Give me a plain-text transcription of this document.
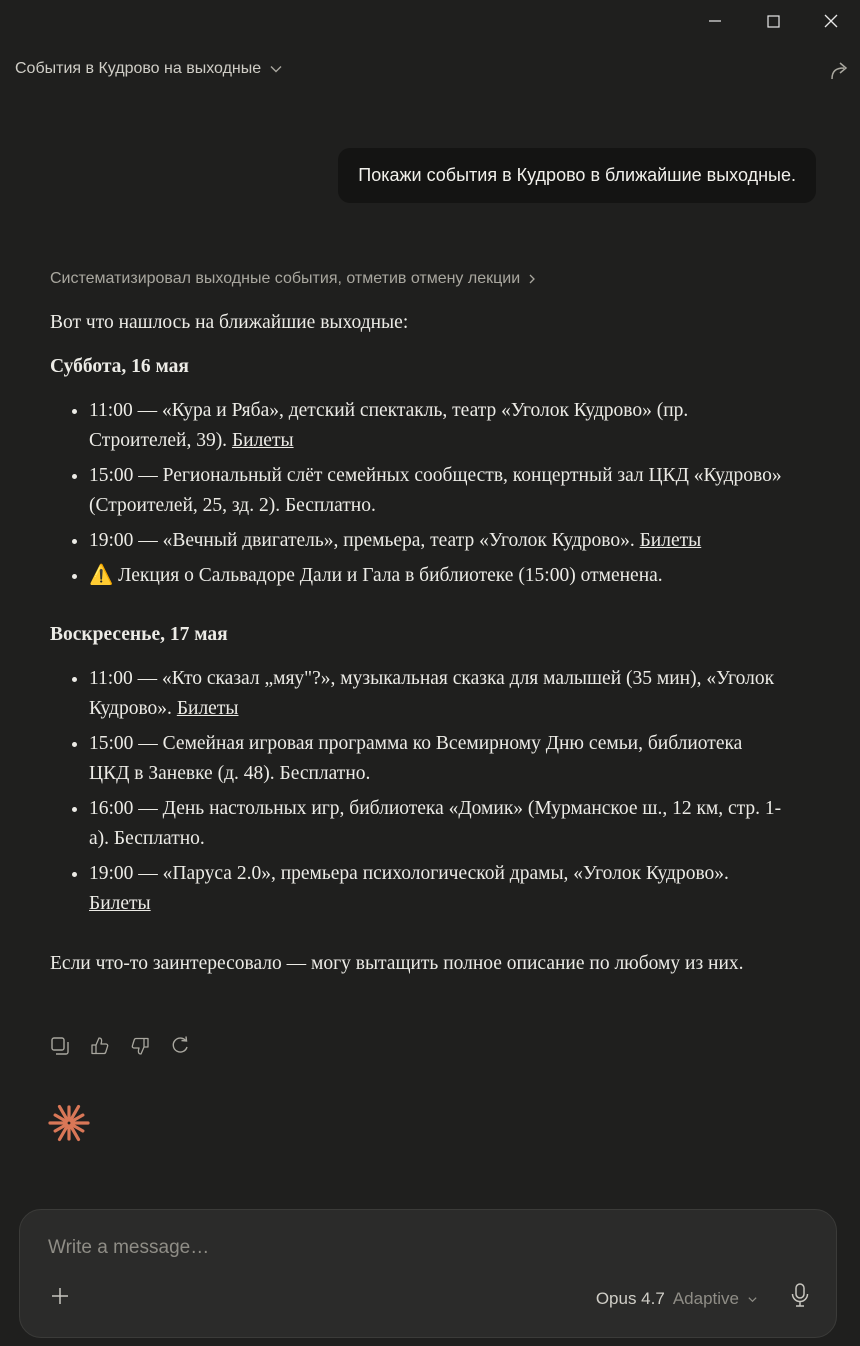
События в Кудрово на выходные
Покажи события в Кудрово в ближайшие выходные.
Систематизировал выходные события, отметив отмену лекции

Вот что нашлось на ближайшие выходные:

Суббота, 16 мая

• 11:00 — «Кура и Ряба», детский спектакль, театр «Уголок Кудрово» (пр. Строителей, 39). Билеты
• 15:00 — Региональный слёт семейных сообществ, концертный зал ЦКД «Кудрово» (Строителей, 25, зд. 2). Бесплатно.
• 19:00 — «Вечный двигатель», премьера, театр «Уголок Кудрово». Билеты
• ⚠️ Лекция о Сальвадоре Дали и Гала в библиотеке (15:00) отменена.

Воскресенье, 17 мая

• 11:00 — «Кто сказал „мяу"?», музыкальная сказка для малышей (35 мин), «Уголок Кудрово». Билеты
• 15:00 — Семейная игровая программа ко Всемирному Дню семьи, библиотека ЦКД в Заневке (д. 48). Бесплатно.
• 16:00 — День настольных игр, библиотека «Домик» (Мурманское ш., 12 км, стр. 1-а). Бесплатно.
• 19:00 — «Паруса 2.0», премьера психологической драмы, «Уголок Кудрово». Билеты

Если что-то заинтересовало — могу вытащить полное описание по любому из них.

Write a message…
Opus 4.7 Adaptive
